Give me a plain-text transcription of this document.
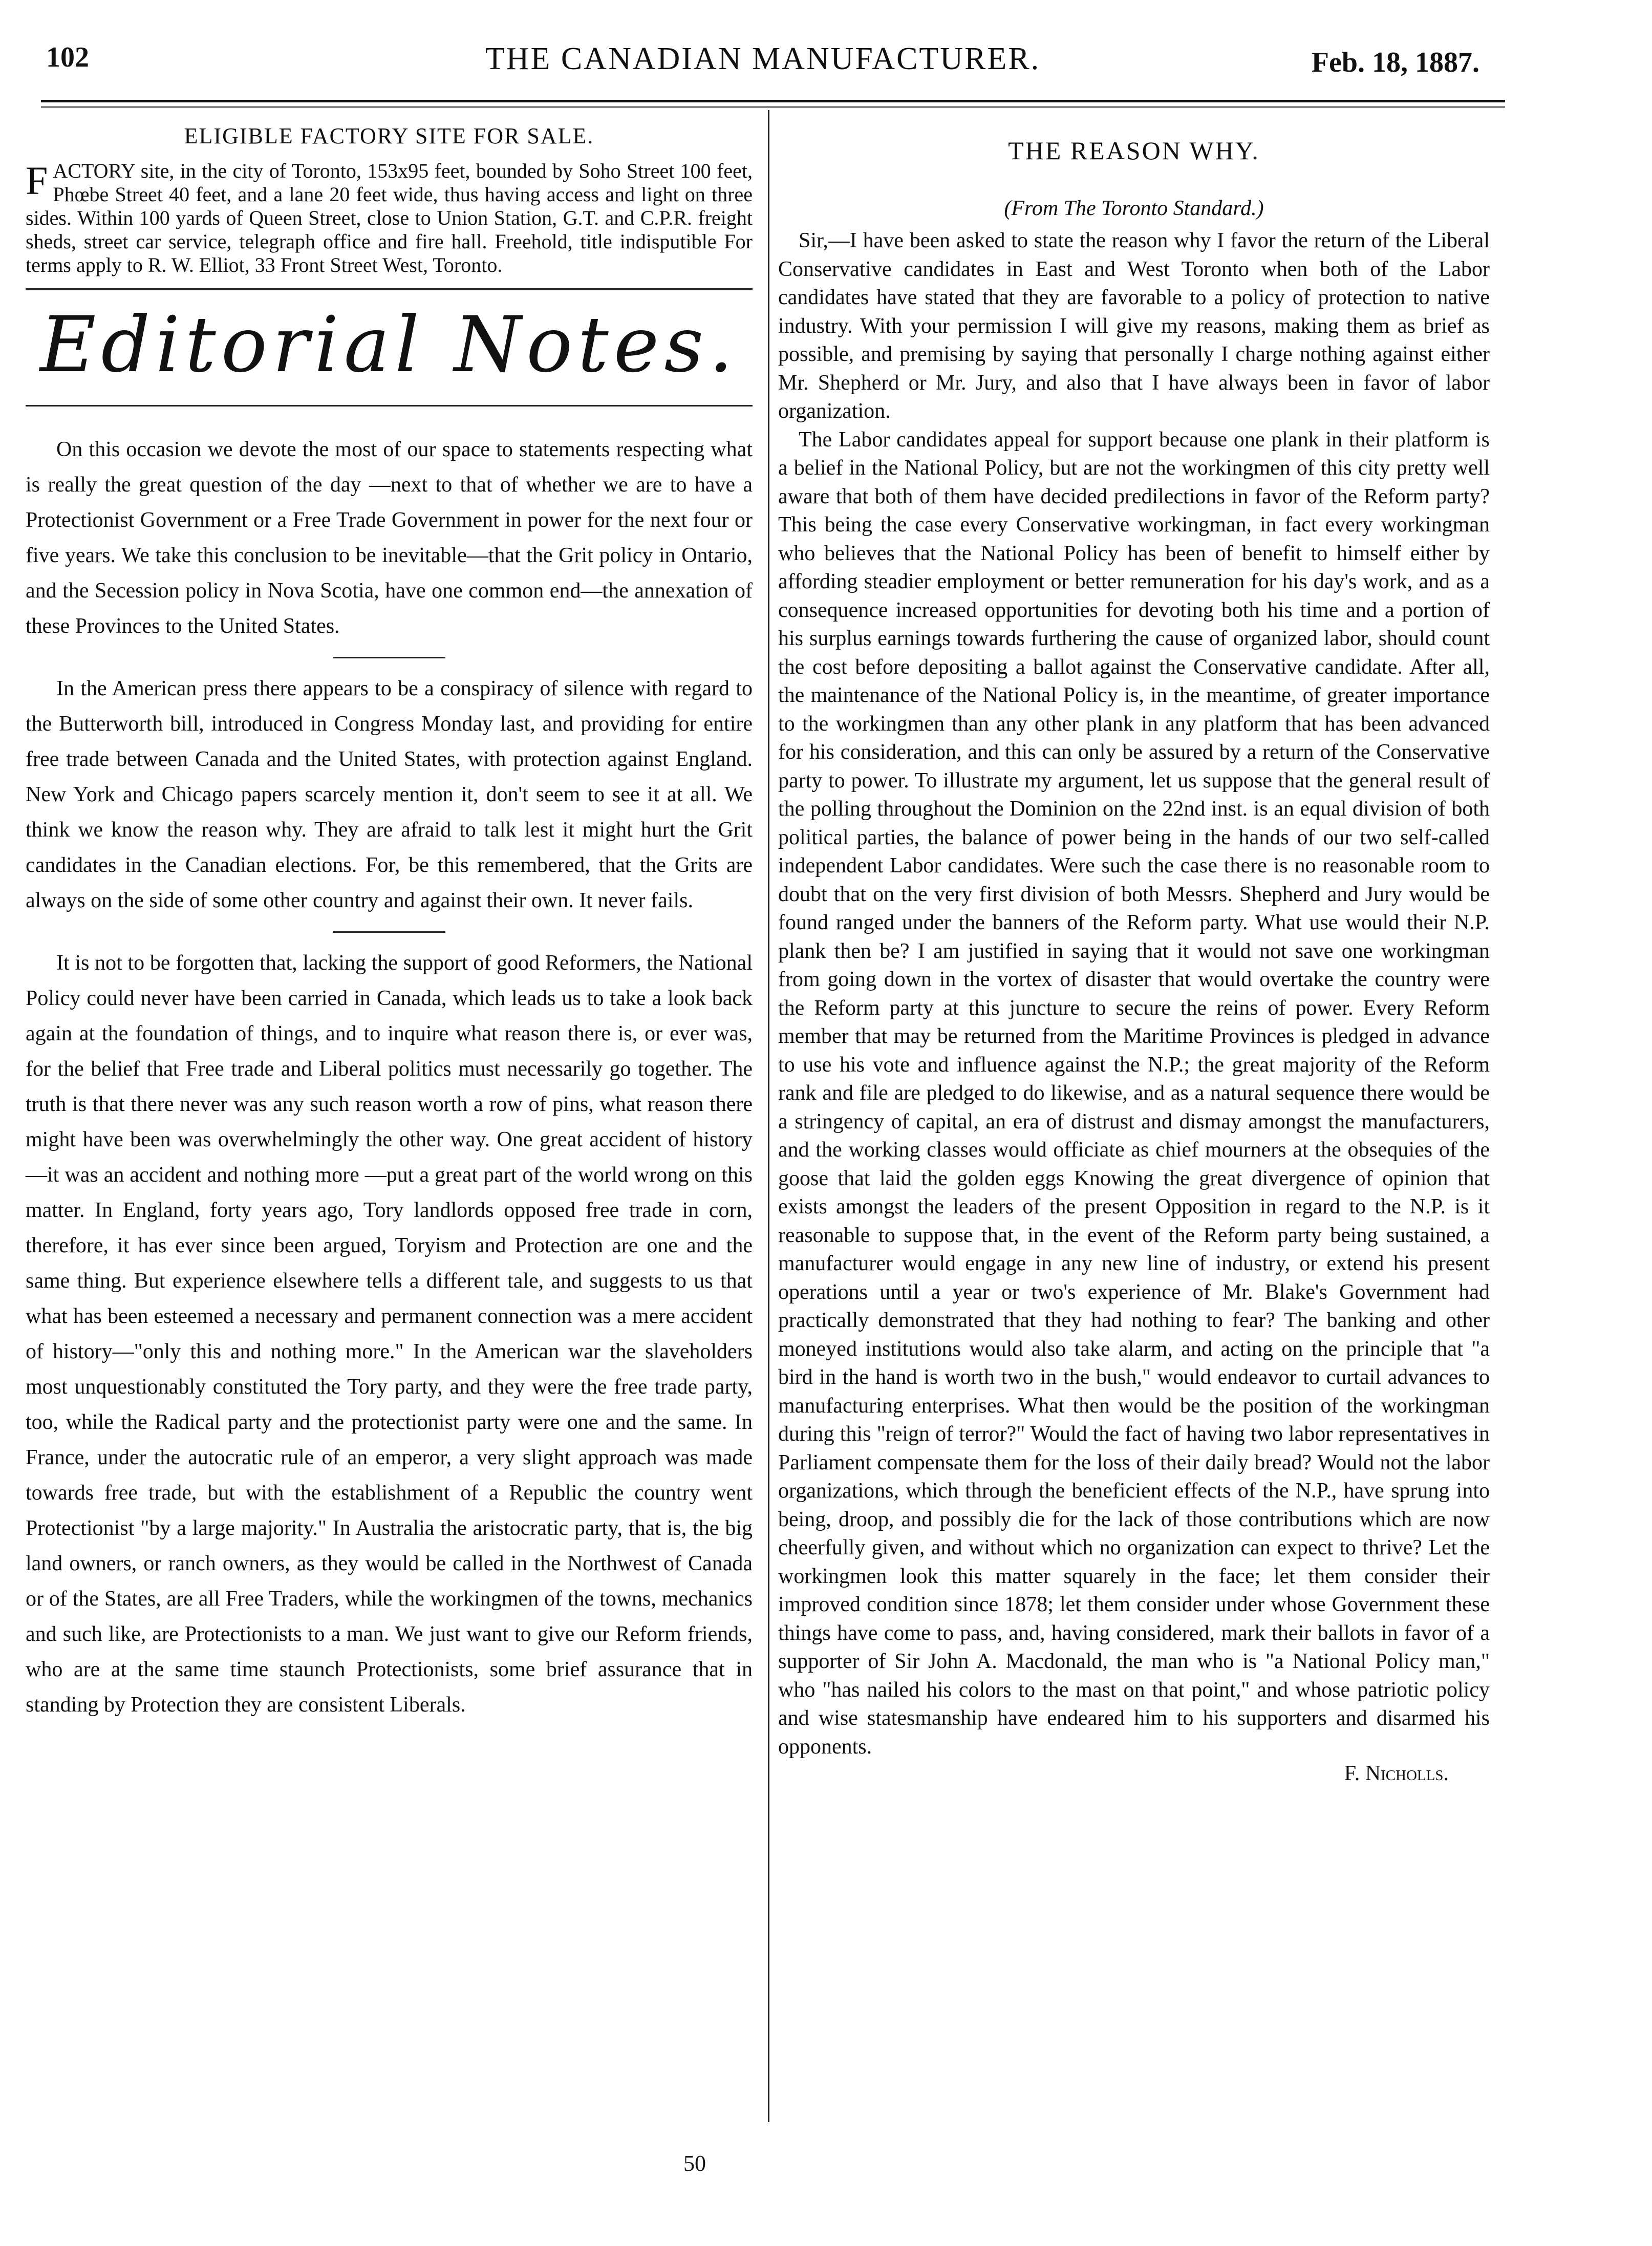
102	THE CANADIAN MANUFACTURER.	Feb. 18, 1887.
ELIGIBLE FACTORY SITE FOR SALE.

FACTORY site, in the city of Toronto, 153x95 feet, bounded by Soho Street 100 feet, Phœbe Street 40 feet, and a lane 20 feet wide, thus having access and light on three sides. Within 100 yards of Queen Street, close to Union Station, G.T. and C.P.R. freight sheds, street car service, telegraph office and fire hall. Freehold, title indisputible For terms apply to R. W. Elliot, 33 Front Street West, Toronto.

Editorial Notes.

On this occasion we devote the most of our space to statements respecting what is really the great question of the day —next to that of whether we are to have a Protectionist Government or a Free Trade Government in power for the next four or five years. We take this conclusion to be inevitable—that the Grit policy in Ontario, and the Secession policy in Nova Scotia, have one common end—the annexation of these Provinces to the United States.

In the American press there appears to be a conspiracy of silence with regard to the Butterworth bill, introduced in Congress Monday last, and providing for entire free trade between Canada and the United States, with protection against England. New York and Chicago papers scarcely mention it, don't seem to see it at all. We think we know the reason why. They are afraid to talk lest it might hurt the Grit candidates in the Canadian elections. For, be this remembered, that the Grits are always on the side of some other country and against their own. It never fails.

It is not to be forgotten that, lacking the support of good Reformers, the National Policy could never have been carried in Canada, which leads us to take a look back again at the foundation of things, and to inquire what reason there is, or ever was, for the belief that Free trade and Liberal politics must necessarily go together. The truth is that there never was any such reason worth a row of pins, what reason there might have been was overwhelmingly the other way. One great accident of history—it was an accident and nothing more —put a great part of the world wrong on this matter. In England, forty years ago, Tory landlords opposed free trade in corn, therefore, it has ever since been argued, Toryism and Protection are one and the same thing. But experience elsewhere tells a different tale, and suggests to us that what has been esteemed a necessary and permanent connection was a mere accident of history—"only this and nothing more." In the American war the slaveholders most unquestionably constituted the Tory party, and they were the free trade party, too, while the Radical party and the protectionist party were one and the same. In France, under the autocratic rule of an emperor, a very slight approach was made towards free trade, but with the establishment of a Republic the country went Protectionist "by a large majority." In Australia the aristocratic party, that is, the big land owners, or ranch owners, as they would be called in the Northwest of Canada or of the States, are all Free Traders, while the workingmen of the towns, mechanics and such like, are Protectionists to a man. We just want to give our Reform friends, who are at the same time staunch Protectionists, some brief assurance that in standing by Protection they are consistent Liberals.

THE REASON WHY.
(From The Toronto Standard.)

Sir,—I have been asked to state the reason why I favor the return of the Liberal Conservative candidates in East and West Toronto when both of the Labor candidates have stated that they are favorable to a policy of protection to native industry. With your permission I will give my reasons, making them as brief as possible, and premising by saying that personally I charge nothing against either Mr. Shepherd or Mr. Jury, and also that I have always been in favor of labor organization.

The Labor candidates appeal for support because one plank in their platform is a belief in the National Policy, but are not the workingmen of this city pretty well aware that both of them have decided predilections in favor of the Reform party? This being the case every Conservative workingman, in fact every workingman who believes that the National Policy has been of benefit to himself either by affording steadier employment or better remuneration for his day's work, and as a consequence increased opportunities for devoting both his time and a portion of his surplus earnings towards furthering the cause of organized labor, should count the cost before depositing a ballot against the Conservative candidate. After all, the maintenance of the National Policy is, in the meantime, of greater importance to the workingmen than any other plank in any platform that has been advanced for his consideration, and this can only be assured by a return of the Conservative party to power. To illustrate my argument, let us suppose that the general result of the polling throughout the Dominion on the 22nd inst. is an equal division of both political parties, the balance of power being in the hands of our two self-called independent Labor candidates. Were such the case there is no reasonable room to doubt that on the very first division of both Messrs. Shepherd and Jury would be found ranged under the banners of the Reform party. What use would their N.P. plank then be? I am justified in saying that it would not save one workingman from going down in the vortex of disaster that would overtake the country were the Reform party at this juncture to secure the reins of power. Every Reform member that may be returned from the Maritime Provinces is pledged in advance to use his vote and influence against the N.P.; the great majority of the Reform rank and file are pledged to do likewise, and as a natural sequence there would be a stringency of capital, an era of distrust and dismay amongst the manufacturers, and the working classes would officiate as chief mourners at the obsequies of the goose that laid the golden eggs Knowing the great divergence of opinion that exists amongst the leaders of the present Opposition in regard to the N.P. is it reasonable to suppose that, in the event of the Reform party being sustained, a manufacturer would engage in any new line of industry, or extend his present operations until a year or two's experience of Mr. Blake's Government had practically demonstrated that they had nothing to fear? The banking and other moneyed institutions would also take alarm, and acting on the principle that "a bird in the hand is worth two in the bush," would endeavor to curtail advances to manufacturing enterprises. What then would be the position of the workingman during this "reign of terror?" Would the fact of having two labor representatives in Parliament compensate them for the loss of their daily bread? Would not the labor organizations, which through the beneficient effects of the N.P., have sprung into being, droop, and possibly die for the lack of those contributions which are now cheerfully given, and without which no organization can expect to thrive? Let the workingmen look this matter squarely in the face; let them consider their improved condition since 1878; let them consider under whose Government these things have come to pass, and, having considered, mark their ballots in favor of a supporter of Sir John A. Macdonald, the man who is "a National Policy man," who "has nailed his colors to the mast on that point," and whose patriotic policy and wise statesmanship have endeared him to his supporters and disarmed his opponents.

F. Nicholls.

50
